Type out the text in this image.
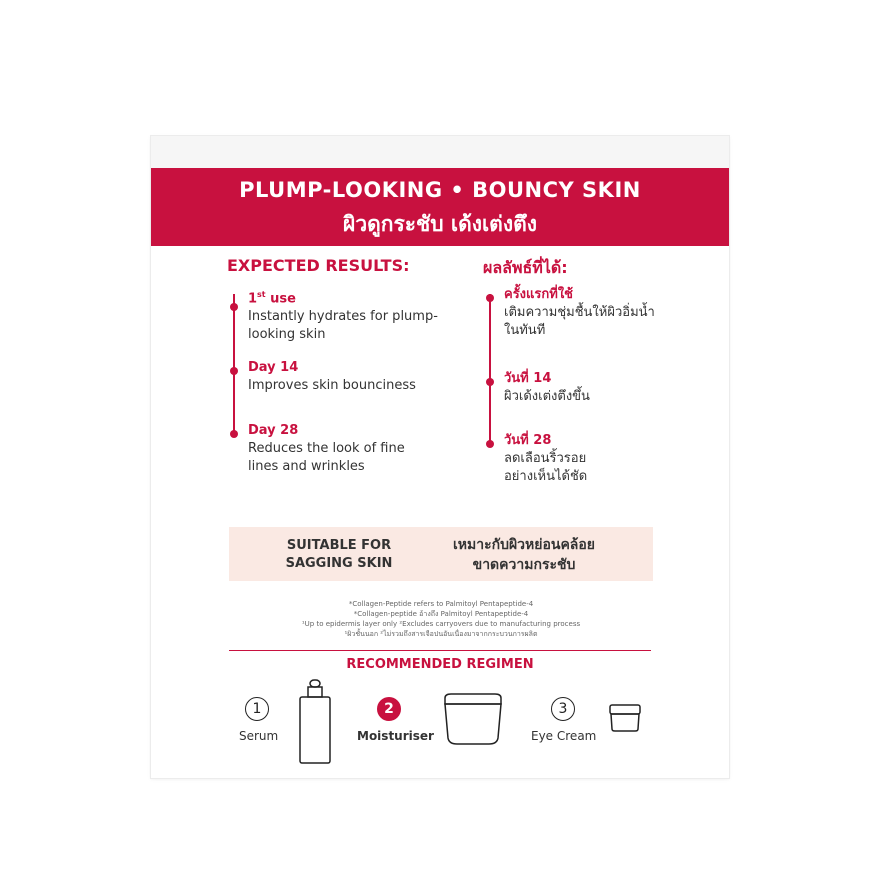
PLUMP-LOOKING • BOUNCY SKIN
ผิวดูกระชับ เด้งเต่งตึง
EXPECTED RESULTS:
1st use
Instantly hydrates for plump-looking skin
Day 14
Improves skin bounciness
Day 28
Reduces the look of fine lines and wrinkles
ผลลัพธ์ที่ได้:
ครั้งแรกที่ใช้
เติมความชุ่มชื้นให้ผิวอิ่มน้ำ
ในทันที
วันที่ 14
ผิวเด้งเต่งตึงขึ้น
วันที่ 28
ลดเลือนริ้วรอย
อย่างเห็นได้ชัด
SUITABLE FOR
SAGGING SKIN
เหมาะกับผิวหย่อนคล้อย
ขาดความกระชับ
*Collagen-Peptide refers to Palmitoyl Pentapeptide-4
*Collagen-peptide อ้างถึง Palmitoyl Pentapeptide-4
¹Up to epidermis layer only ²Excludes carryovers due to manufacturing process
¹ผิวชั้นนอก ²ไม่รวมถึงสารเจือปนอันเนื่องมาจากกระบวนการผลิต
RECOMMENDED REGIMEN
1
Serum
2
Moisturiser
3
Eye Cream
